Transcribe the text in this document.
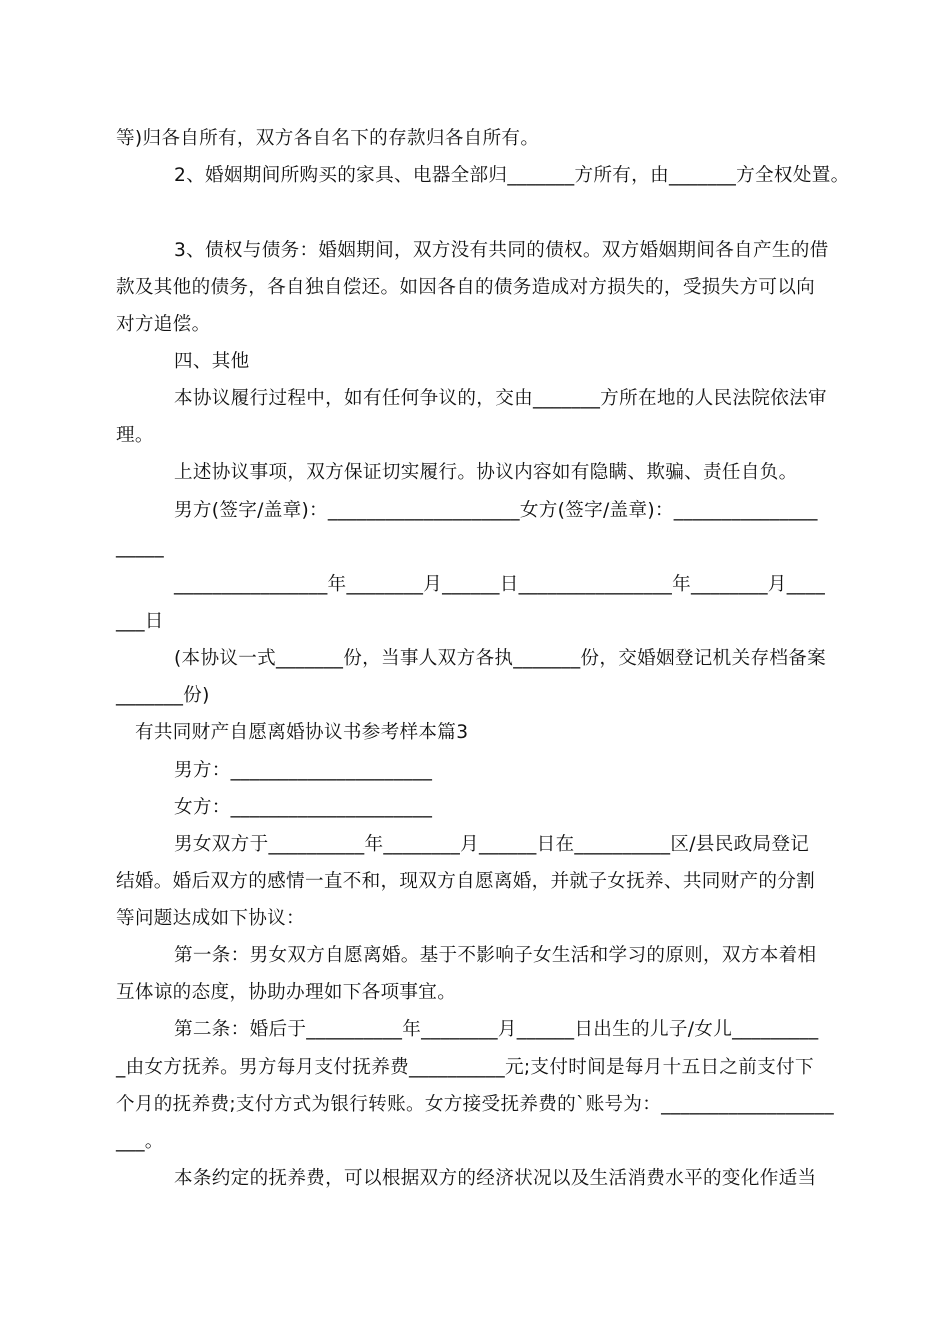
等)归各自所有，双方各自名下的存款归各自所有。
2、婚姻期间所购买的家具、电器全部归_______方所有，由_______方全权处置。
3、债权与债务：婚姻期间，双方没有共同的债权。双方婚姻期间各自产生的借
款及其他的债务，各自独自偿还。如因各自的债务造成对方损失的，受损失方可以向
对方追偿。
四、其他
本协议履行过程中，如有任何争议的，交由_______方所在地的人民法院依法审
理。
上述协议事项，双方保证切实履行。协议内容如有隐瞒、欺骗、责任自负。
男方(签字/盖章)：____________________女方(签字/盖章)：_______________
_____
________________年________月______日________________年________月____
___日
(本协议一式_______份，当事人双方各执_______份，交婚姻登记机关存档备案
_______份)
有共同财产自愿离婚协议书参考样本篇3
男方：_____________________
女方：_____________________
男女双方于__________年________月______日在__________区/县民政局登记
结婚。婚后双方的感情一直不和，现双方自愿离婚，并就子女抚养、共同财产的分割
等问题达成如下协议：
第一条：男女双方自愿离婚。基于不影响子女生活和学习的原则，双方本着相
互体谅的态度，协助办理如下各项事宜。
第二条：婚后于__________年________月______日出生的儿子/女儿_________
_由女方抚养。男方每月支付抚养费__________元;支付时间是每月十五日之前支付下
个月的抚养费;支付方式为银行转账。女方接受抚养费的`账号为：__________________
___。
本条约定的抚养费，可以根据双方的经济状况以及生活消费水平的变化作适当
